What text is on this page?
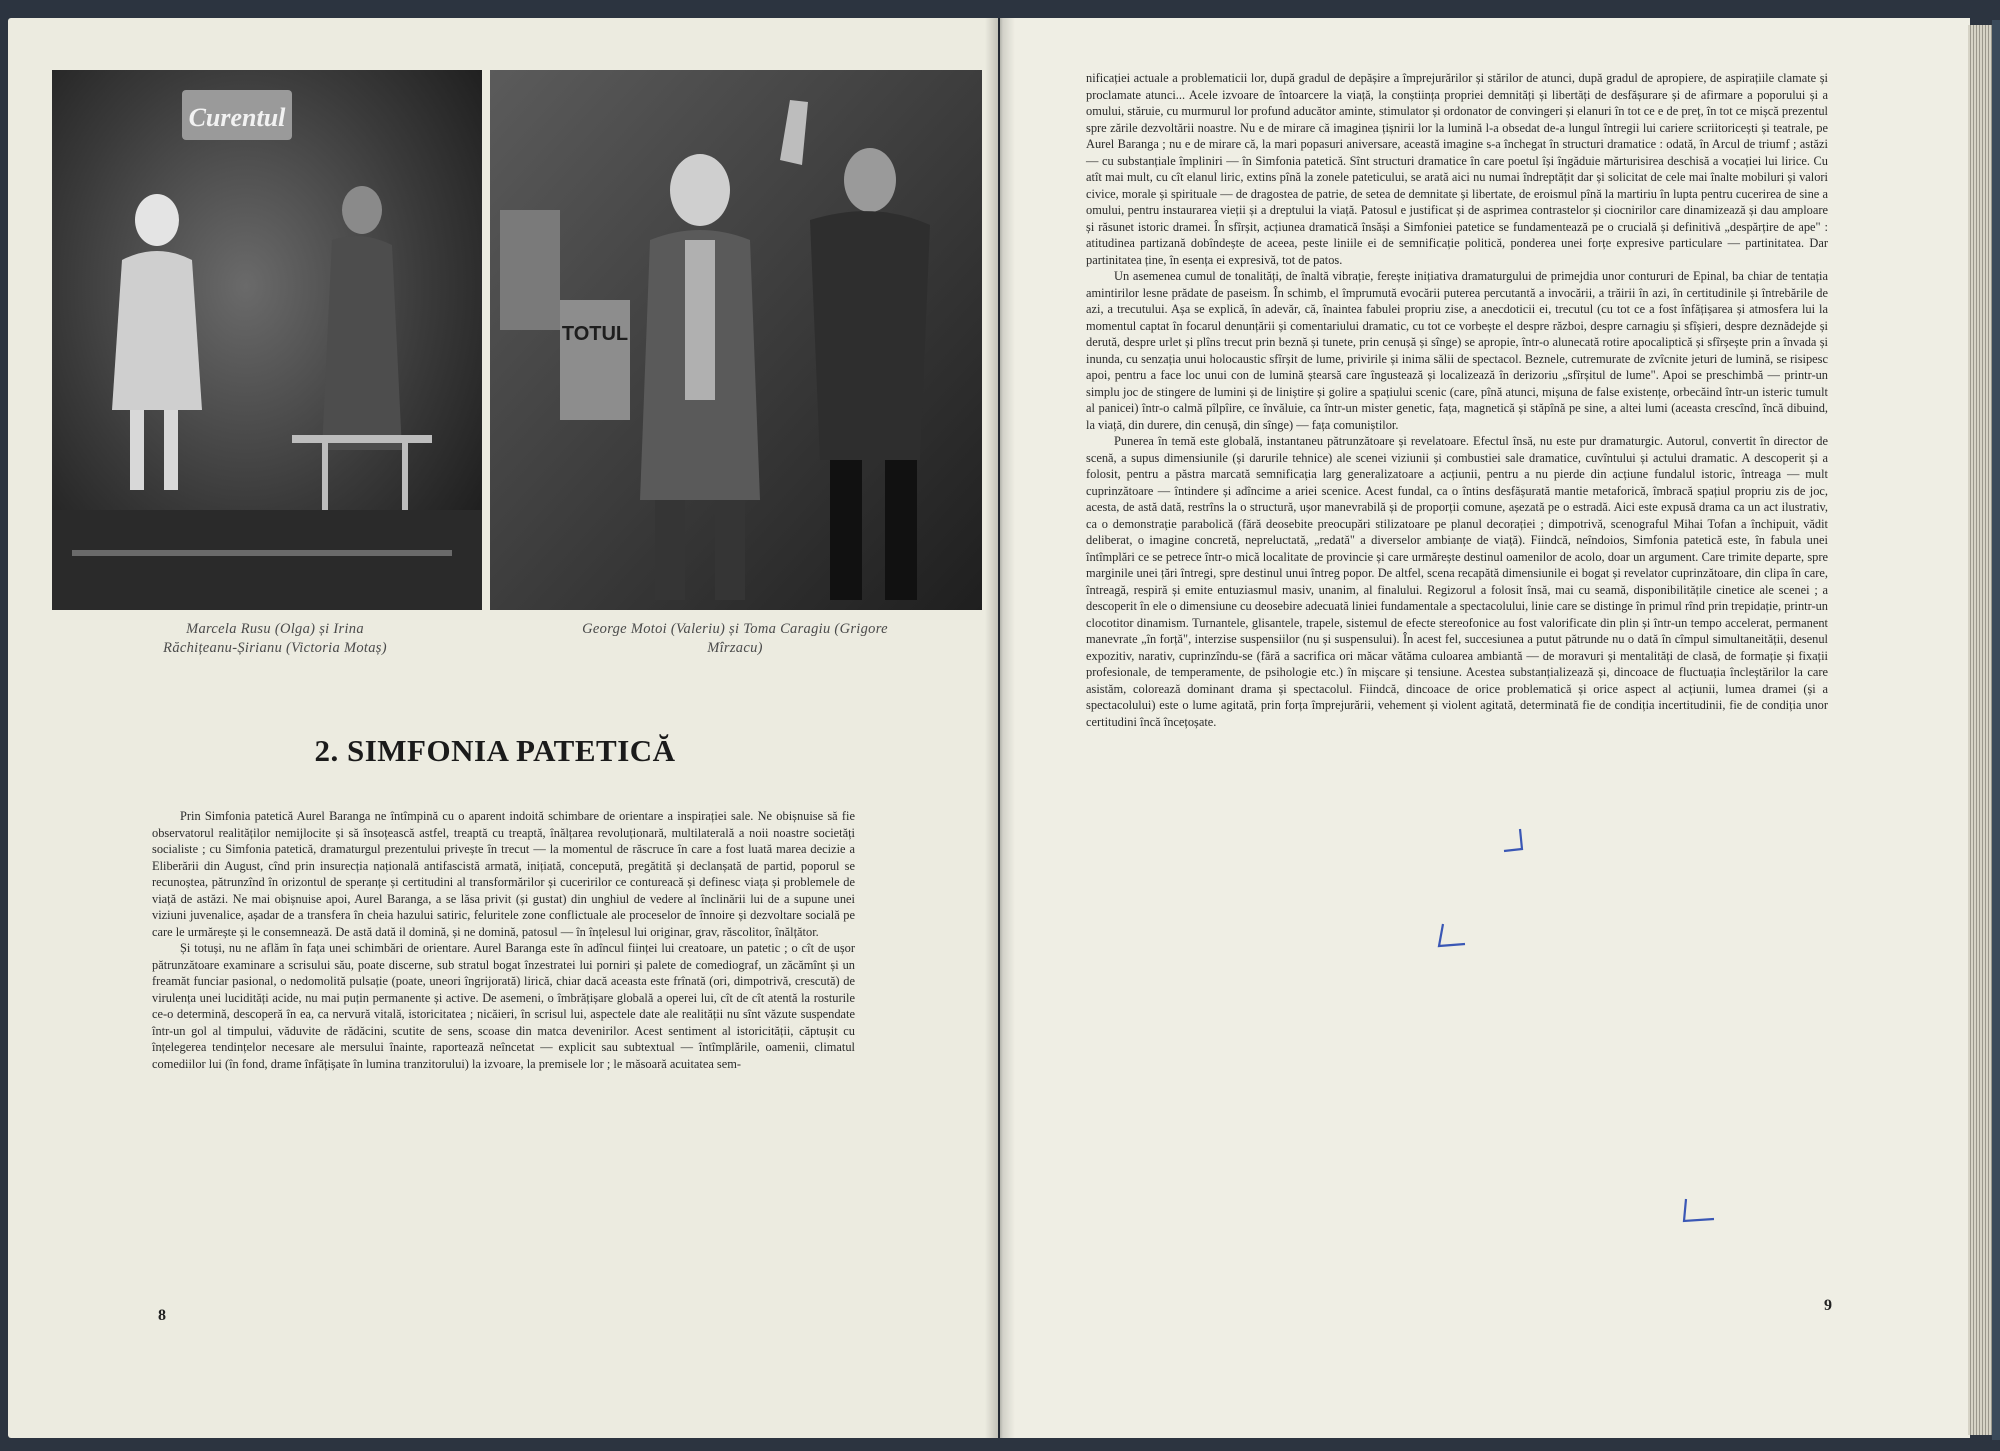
Curentul
TOTUL
Marcela Rusu (Olga) și Irina Răchițeanu-Șirianu (Victoria Motaș)
George Motoi (Valeriu) și Toma Caragiu (Grigore Mîrzacu)
2. SIMFONIA PATETICĂ

Prin Simfonia patetică Aurel Baranga ne întîmpină cu o aparent indoită schimbare de orientare a inspirației sale. Ne obișnuise să fie observatorul realităților nemijlocite și să însoțească astfel, treaptă cu treaptă, înălțarea revoluționară, multilaterală a noii noastre societăți socialiste ; cu Simfonia patetică, dramaturgul prezentului privește în trecut — la momentul de răscruce în care a fost luată marea decizie a Eliberării din August, cînd prin insurecția națională antifascistă armată, inițiată, concepută, pregătită și declanșată de partid, poporul se recunoștea, pătrunzînd în orizontul de speranțe și certitudini al transformărilor și cuceririlor ce contureacă și definesc viața și problemele de viață de astăzi. Ne mai obișnuise apoi, Aurel Baranga, a se lăsa privit (și gustat) din unghiul de vedere al înclinării lui de a supune unei viziuni juvenalice, așadar de a transfera în cheia hazului satiric, feluritele zone conflictuale ale proceselor de înnoire și dezvoltare socială pe care le urmărește și le consemnează. De astă dată il domină, și ne domină, patosul — în înțelesul lui originar, grav, răscolitor, înălțător.

Și totuși, nu ne aflăm în fața unei schimbări de orientare. Aurel Baranga este în adîncul ființei lui creatoare, un patetic ; o cît de ușor pătrunzătoare examinare a scrisului său, poate discerne, sub stratul bogat înzestratei lui porniri și palete de comediograf, un zăcămînt și un freamăt funciar pasional, o nedomolită pulsație (poate, uneori îngrijorată) lirică, chiar dacă aceasta este frînată (ori, dimpotrivă, crescută) de virulența unei lucidități acide, nu mai puțin permanente și active. De asemeni, o îmbrățișare globală a operei lui, cît de cît atentă la rosturile ce-o determină, descoperă în ea, ca nervură vitală, istoricitatea ; nicăieri, în scrisul lui, aspectele date ale realității nu sînt văzute suspendate într-un gol al timpului, văduvite de rădăcini, scutite de sens, scoase din matca devenirilor. Acest sentiment al istoricității, căptușit cu înțelegerea tendințelor necesare ale mersului înainte, raportează neîncetat — explicit sau subtextual — întîmplările, oamenii, climatul comediilor lui (în fond, drame înfățișate în lumina tranzitorului) la izvoare, la premisele lor ; le măsoară acuitatea sem-

8

nificației actuale a problematicii lor, după gradul de depășire a împrejurărilor și stărilor de atunci, după gradul de apropiere, de aspirațiile clamate și proclamate atunci... Acele izvoare de întoarcere la viață, la conștiința propriei demnități și libertăți de desfășurare și de afirmare a poporului și a omului, stăruie, cu murmurul lor profund aducător aminte, stimulator și ordonator de convingeri și elanuri în tot ce e de preț, în tot ce mișcă prezentul spre zările dezvoltării noastre. Nu e de mirare că imaginea țișnirii lor la lumină l-a obsedat de-a lungul întregii lui cariere scriitoricești și teatrale, pe Aurel Baranga ; nu e de mirare că, la mari popasuri aniversare, această imagine s-a închegat în structuri dramatice : odată, în Arcul de triumf ; astăzi — cu substanțiale împliniri — în Simfonia patetică. Sînt structuri dramatice în care poetul își îngăduie mărturisirea deschisă a vocației lui lirice. Cu atît mai mult, cu cît elanul liric, extins pînă la zonele pateticului, se arată aici nu numai îndreptățit dar și solicitat de cele mai înalte mobiluri și valori civice, morale și spirituale — de dragostea de patrie, de setea de demnitate și libertate, de eroismul pînă la martiriu în lupta pentru cucerirea de sine a omului, pentru instaurarea vieții și a dreptului la viață. Patosul e justificat și de asprimea contrastelor și ciocnirilor care dinamizează și dau amploare și răsunet istoric dramei. În sfîrșit, acțiunea dramatică însăși a Simfoniei patetice se fundamentează pe o crucială și definitivă „despărțire de ape" : atitudinea partizană dobîndește de aceea, peste liniile ei de semnificație politică, ponderea unei forțe expresive particulare — partinitatea. Dar partinitatea ține, în esența ei expresivă, tot de patos.

Un asemenea cumul de tonalități, de înaltă vibrație, ferește inițiativa dramaturgului de primejdia unor contururi de Epinal, ba chiar de tentația amintirilor lesne prădate de paseism. În schimb, el împrumută evocării puterea percutantă a invocării, a trăirii în azi, în certitudinile și întrebările de azi, a trecutului. Așa se explică, în adevăr, că, înaintea fabulei propriu zise, a anecdoticii ei, trecutul (cu tot ce a fost înfățișarea și atmosfera lui la momentul captat în focarul denunțării și comentariului dramatic, cu tot ce vorbește el despre război, despre carnagiu și sfîșieri, despre deznădejde și derută, despre urlet și plîns trecut prin beznă și tunete, prin cenușă și sînge) se apropie, într-o alunecată rotire apocaliptică și sfîrșește prin a învada și inunda, cu senzația unui holocaustic sfîrșit de lume, privirile și inima sălii de spectacol. Beznele, cutremurate de zvîcnite jeturi de lumină, se risipesc apoi, pentru a face loc unui con de lumină ștearsă care îngustează și localizează în derizoriu „sfîrșitul de lume". Apoi se preschimbă — printr-un simplu joc de stingere de lumini și de liniștire și golire a spațiului scenic (care, pînă atunci, mișuna de false existențe, orbecăind într-un isteric tumult al panicei) într-o calmă pîlpîire, ce învăluie, ca într-un mister genetic, fața, magnetică și stăpînă pe sine, a altei lumi (aceasta crescînd, încă dibuind, la viață, din durere, din cenușă, din sînge) — fața comuniștilor.

Punerea în temă este globală, instantaneu pătrunzătoare și revelatoare. Efectul însă, nu este pur dramaturgic. Autorul, convertit în director de scenă, a supus dimensiunile (și darurile tehnice) ale scenei viziunii și combustiei sale dramatice, cuvîntului și actului dramatic. A descoperit și a folosit, pentru a păstra marcată semnificația larg generalizatoare a acțiunii, pentru a nu pierde din acțiune fundalul istoric, întreaga — mult cuprinzătoare — întindere și adîncime a ariei scenice. Acest fundal, ca o întins desfășurată mantie metaforică, îmbracă spațiul propriu zis de joc, acesta, de astă dată, restrîns la o structură, ușor manevrabilă și de proporții comune, așezată pe o estradă. Aici este expusă drama ca un act ilustrativ, ca o demonstrație parabolică (fără deosebite preocupări stilizatoare pe planul decorației ; dimpotrivă, scenograful Mihai Tofan a închipuit, vădit deliberat, o imagine concretă, nepreluctată, „redată" a diverselor ambianțe de viață). Fiindcă, neîndoios, Simfonia patetică este, în fabula unei întîmplări ce se petrece într-o mică localitate de provincie și care urmărește destinul oamenilor de acolo, doar un argument. Care trimite departe, spre marginile unei țări întregi, spre destinul unui întreg popor. De altfel, scena recapătă dimensiunile ei bogat și revelator cuprinzătoare, din clipa în care, întreagă, respiră și emite entuziasmul masiv, unanim, al finalului. Regizorul a folosit însă, mai cu seamă, disponibilitățile cinetice ale scenei ; a descoperit în ele o dimensiune cu deosebire adecuată liniei fundamentale a spectacolului, linie care se distinge în primul rînd prin trepidație, printr-un clocotitor dinamism. Turnantele, glisantele, trapele, sistemul de efecte stereofonice au fost valorificate din plin și într-un tempo accelerat, permanent manevrate „în forță", interzise suspensiilor (nu și suspensului). În acest fel, succesiunea a putut pătrunde nu o dată în cîmpul simultaneității, desenul expozitiv, narativ, cuprinzîndu-se (fără a sacrifica ori măcar vătăma culoarea ambiantă — de moravuri și mentalități de clasă, de formație și fixații profesionale, de temperamente, de psihologie etc.) în mișcare și tensiune. Acestea substanțializează și, dincoace de fluctuația încleștărilor la care asistăm, colorează dominant drama și spectacolul. Fiindcă, dincoace de orice problematică și orice aspect al acțiunii, lumea dramei (și a spectacolului) este o lume agitată, prin forța împrejurării, vehement și violent agitată, determinată fie de condiția incertitudinii, fie de condiția unor certitudini încă încețoșate.

9
